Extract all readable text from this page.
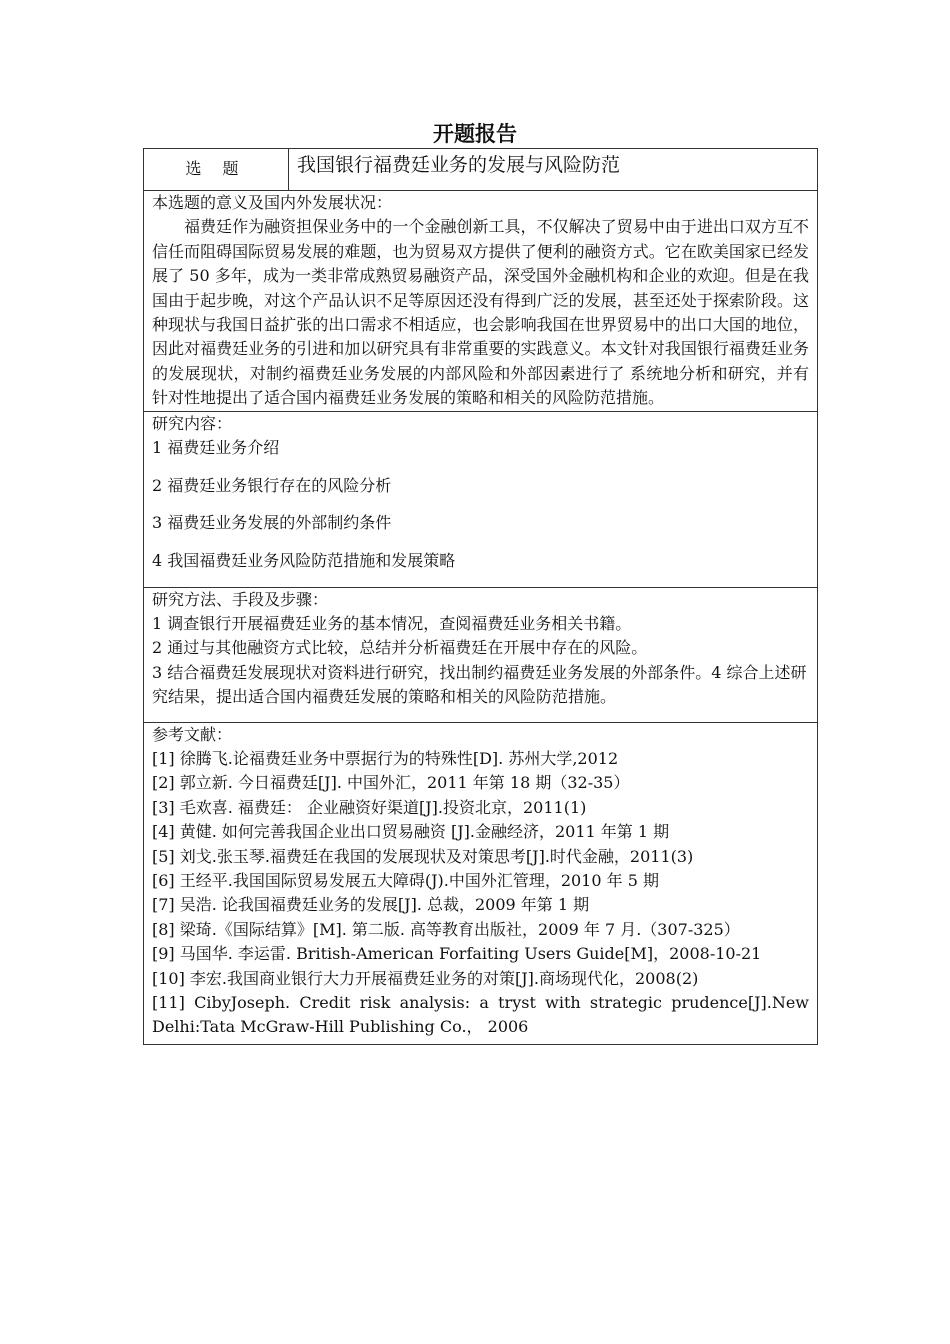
开题报告
选 题	我国银行福费廷业务的发展与风险防范

本选题的意义及国内外发展状况：

福费廷作为融资担保业务中的一个金融创新工具，不仅解决了贸易中由于进出口双方互不信任而阻碍国际贸易发展的难题，也为贸易双方提供了便利的融资方式。它在欧美国家已经发展了 50 多年，成为一类非常成熟贸易融资产品，深受国外金融机构和企业的欢迎。但是在我国由于起步晚，对这个产品认识不足等原因还没有得到广泛的发展，甚至还处于探索阶段。这种现状与我国日益扩张的出口需求不相适应，也会影响我国在世界贸易中的出口大国的地位，因此对福费廷业务的引进和加以研究具有非常重要的实践意义。本文针对我国银行福费廷业务的发展现状，对制约福费廷业务发展的内部风险和外部因素进行了 系统地分析和研究，并有针对性地提出了适合国内福费廷业务发展的策略和相关的风险防范措施。

研究内容：
1 福费廷业务介绍
2 福费廷业务银行存在的风险分析
3 福费廷业务发展的外部制约条件
4 我国福费廷业务风险防范措施和发展策略

研究方法、手段及步骤：
1 调查银行开展福费廷业务的基本情况，查阅福费廷业务相关书籍。
2 通过与其他融资方式比较，总结并分析福费廷在开展中存在的风险。
3 结合福费廷发展现状对资料进行研究，找出制约福费廷业务发展的外部条件。4 综合上述研究结果，提出适合国内福费廷发展的策略和相关的风险防范措施。

参考文献：
[1] 徐腾飞.论福费廷业务中票据行为的特殊性[D]. 苏州大学,2012
[2] 郭立新. 今日福费廷[J]. 中国外汇，2011 年第 18 期（32-35）
[3] 毛欢喜. 福费廷： 企业融资好渠道[J].投资北京，2011(1)
[4] 黄健. 如何完善我国企业出口贸易融资 [J].金融经济，2011 年第 1 期
[5] 刘戈.张玉琴.福费廷在我国的发展现状及对策思考[J].时代金融，2011(3)
[6] 王经平.我国国际贸易发展五大障碍(J).中国外汇管理，2010 年 5 期
[7] 吴浩. 论我国福费廷业务的发展[J]. 总裁，2009 年第 1 期
[8] 梁琦.《国际结算》[M]. 第二版. 高等教育出版社，2009 年 7 月.（307-325）
[9] 马国华. 李运雷. British-American Forfaiting Users Guide[M]，2008-10-21
[10] 李宏.我国商业银行大力开展福费廷业务的对策[J].商场现代化，2008(2)
[11] CibyJoseph. Credit risk analysis: a tryst with strategic prudence[J].New Delhi:Tata McGraw-Hill Publishing Co.， 2006
